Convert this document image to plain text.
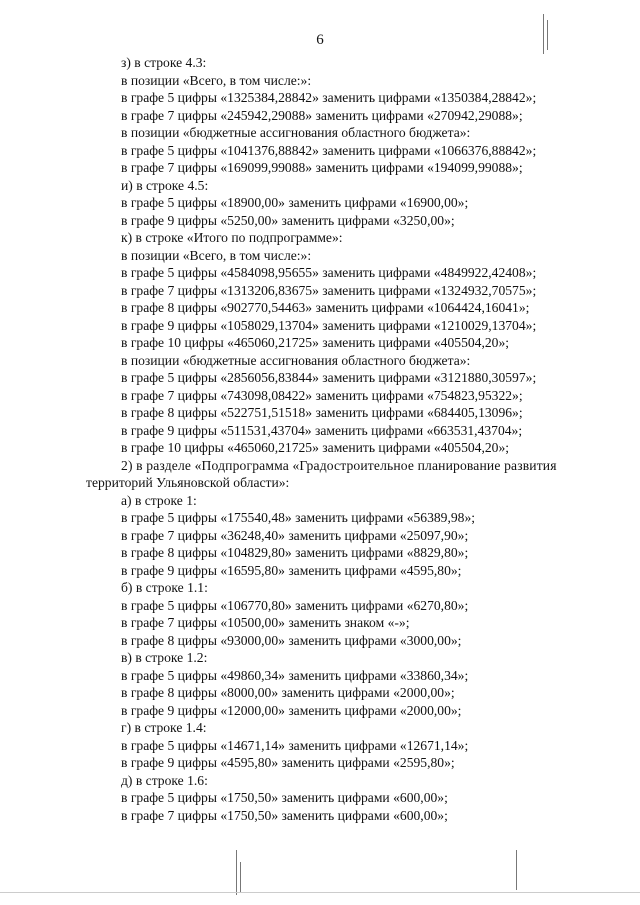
6
з) в строке 4.3:
в позиции «Всего, в том числе:»:
в графе 5 цифры «1325384,28842» заменить цифрами «1350384,28842»;
в графе 7 цифры «245942,29088» заменить цифрами «270942,29088»;
в позиции «бюджетные ассигнования областного бюджета»:
в графе 5 цифры «1041376,88842» заменить цифрами «1066376,88842»;
в графе 7 цифры «169099,99088» заменить цифрами «194099,99088»;
и) в строке 4.5:
в графе 5 цифры «18900,00» заменить цифрами «16900,00»;
в графе 9 цифры «5250,00» заменить цифрами «3250,00»;
к) в строке «Итого по подпрограмме»:
в позиции «Всего, в том числе:»:
в графе 5 цифры «4584098,95655» заменить цифрами «4849922,42408»;
в графе 7 цифры «1313206,83675» заменить цифрами «1324932,70575»;
в графе 8 цифры «902770,54463» заменить цифрами «1064424,16041»;
в графе 9 цифры «1058029,13704» заменить цифрами «1210029,13704»;
в графе 10 цифры «465060,21725» заменить цифрами «405504,20»;
в позиции «бюджетные ассигнования областного бюджета»:
в графе 5 цифры «2856056,83844» заменить цифрами «3121880,30597»;
в графе 7 цифры «743098,08422» заменить цифрами «754823,95322»;
в графе 8 цифры «522751,51518» заменить цифрами «684405,13096»;
в графе 9 цифры «511531,43704» заменить цифрами «663531,43704»;
в графе 10 цифры «465060,21725» заменить цифрами «405504,20»;
2) в разделе «Подпрограмма «Градостроительное планирование развития
территорий Ульяновской области»:
а) в строке 1:
в графе 5 цифры «175540,48» заменить цифрами «56389,98»;
в графе 7 цифры «36248,40» заменить цифрами «25097,90»;
в графе 8 цифры «104829,80» заменить цифрами «8829,80»;
в графе 9 цифры «16595,80» заменить цифрами «4595,80»;
б) в строке 1.1:
в графе 5 цифры «106770,80» заменить цифрами «6270,80»;
в графе 7 цифры «10500,00» заменить знаком «-»;
в графе 8 цифры «93000,00» заменить цифрами «3000,00»;
в) в строке 1.2:
в графе 5 цифры «49860,34» заменить цифрами «33860,34»;
в графе 8 цифры «8000,00» заменить цифрами «2000,00»;
в графе 9 цифры «12000,00» заменить цифрами «2000,00»;
г) в строке 1.4:
в графе 5 цифры «14671,14» заменить цифрами «12671,14»;
в графе 9 цифры «4595,80» заменить цифрами «2595,80»;
д) в строке 1.6:
в графе 5 цифры «1750,50» заменить цифрами «600,00»;
в графе 7 цифры «1750,50» заменить цифрами «600,00»;
